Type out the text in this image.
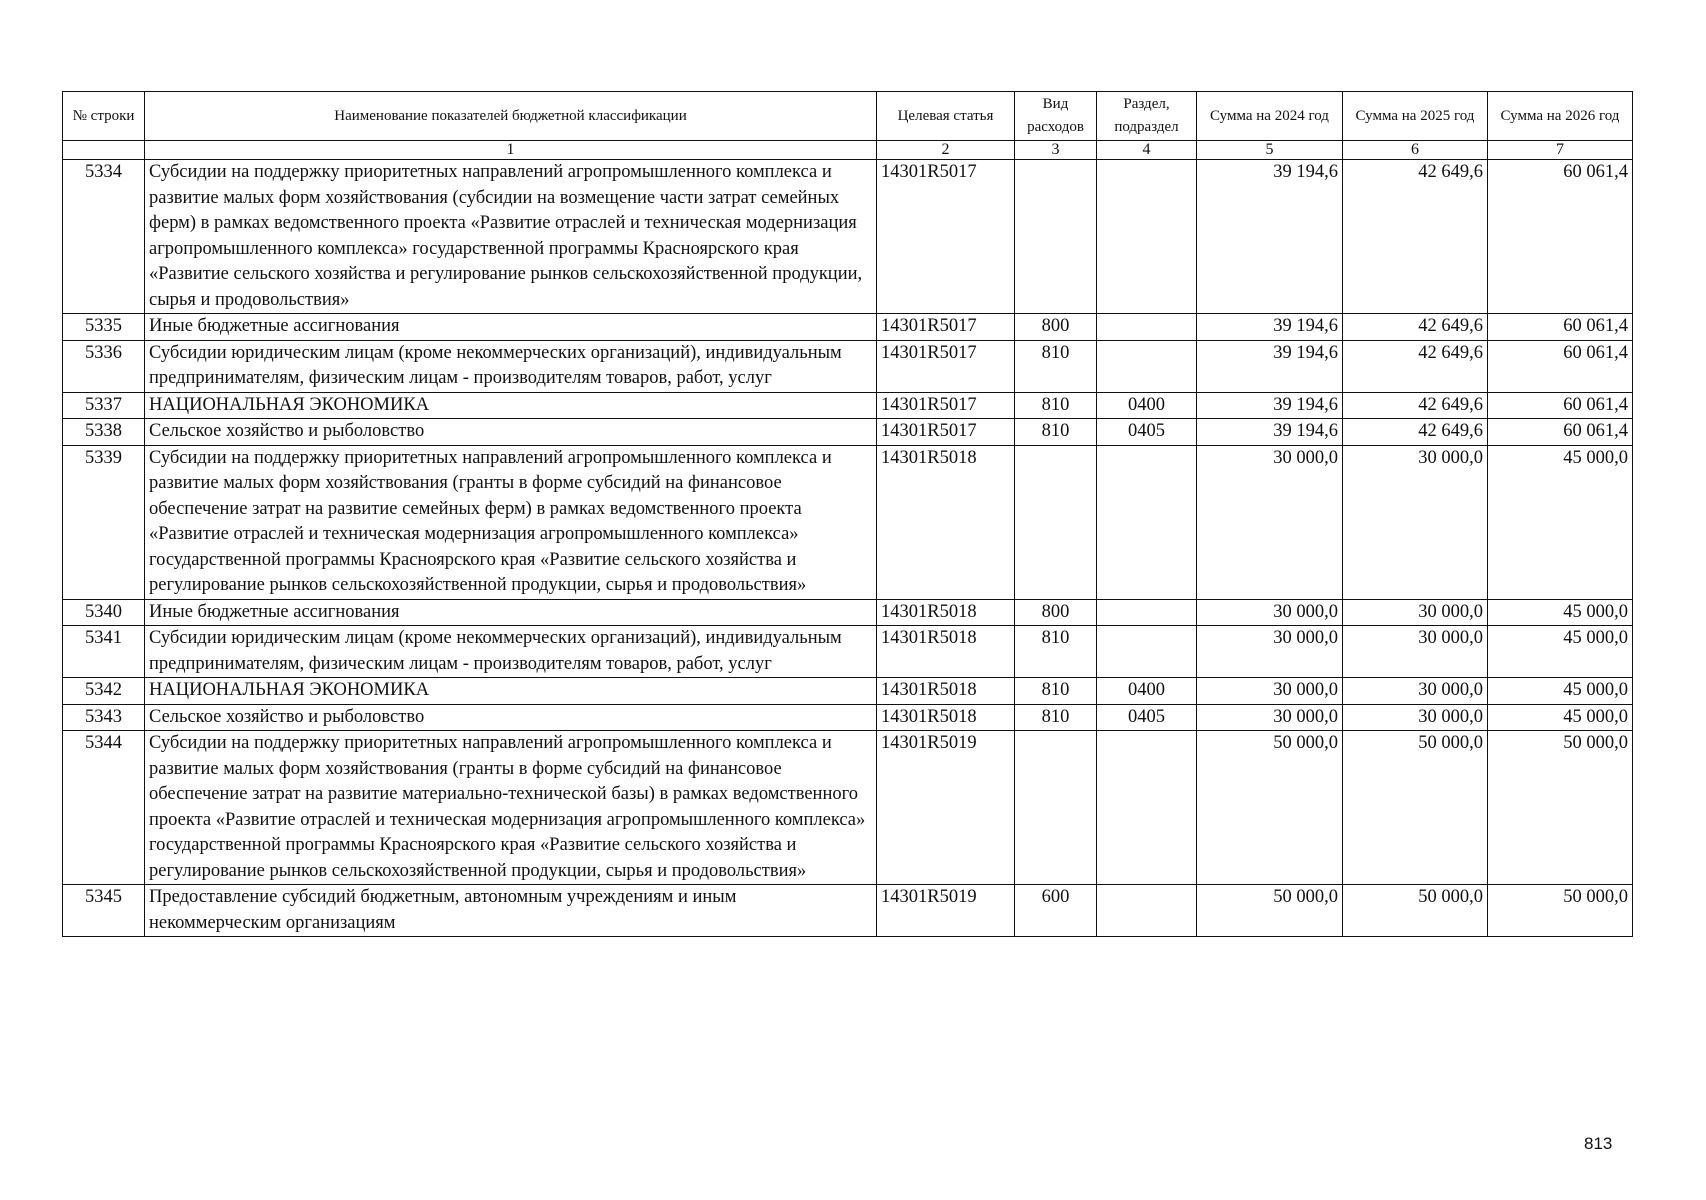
№ строки	Наименование показателей бюджетной классификации	Целевая статья	Вид расходов	Раздел, подраздел	Сумма на 2024 год	Сумма на 2025 год	Сумма на 2026 год
	1	2	3	4	5	6	7
5334	Субсидии на поддержку приоритетных направлений агропромышленного комплекса и развитие малых форм хозяйствования (субсидии на возмещение части затрат семейных ферм) в рамках ведомственного проекта «Развитие отраслей и техническая модернизация агропромышленного комплекса» государственной программы Красноярского края «Развитие сельского хозяйства и регулирование рынков сельскохозяйственной продукции, сырья и продовольствия»	14301R5017			39 194,6	42 649,6	60 061,4
5335	Иные бюджетные ассигнования	14301R5017	800		39 194,6	42 649,6	60 061,4
5336	Субсидии юридическим лицам (кроме некоммерческих организаций), индивидуальным предпринимателям, физическим лицам - производителям товаров, работ, услуг	14301R5017	810		39 194,6	42 649,6	60 061,4
5337	НАЦИОНАЛЬНАЯ ЭКОНОМИКА	14301R5017	810	0400	39 194,6	42 649,6	60 061,4
5338	Сельское хозяйство и рыболовство	14301R5017	810	0405	39 194,6	42 649,6	60 061,4
5339	Субсидии на поддержку приоритетных направлений агропромышленного комплекса и развитие малых форм хозяйствования (гранты в форме субсидий на финансовое обеспечение затрат на развитие семейных ферм) в рамках ведомственного проекта «Развитие отраслей и техническая модернизация агропромышленного комплекса» государственной программы Красноярского края «Развитие сельского хозяйства и регулирование рынков сельскохозяйственной продукции, сырья и продовольствия»	14301R5018			30 000,0	30 000,0	45 000,0
5340	Иные бюджетные ассигнования	14301R5018	800		30 000,0	30 000,0	45 000,0
5341	Субсидии юридическим лицам (кроме некоммерческих организаций), индивидуальным предпринимателям, физическим лицам - производителям товаров, работ, услуг	14301R5018	810		30 000,0	30 000,0	45 000,0
5342	НАЦИОНАЛЬНАЯ ЭКОНОМИКА	14301R5018	810	0400	30 000,0	30 000,0	45 000,0
5343	Сельское хозяйство и рыболовство	14301R5018	810	0405	30 000,0	30 000,0	45 000,0
5344	Субсидии на поддержку приоритетных направлений агропромышленного комплекса и развитие малых форм хозяйствования (гранты в форме субсидий на финансовое обеспечение затрат на развитие материально-технической базы) в рамках ведомственного проекта «Развитие отраслей и техническая модернизация агропромышленного комплекса» государственной программы Красноярского края «Развитие сельского хозяйства и регулирование рынков сельскохозяйственной продукции, сырья и продовольствия»	14301R5019			50 000,0	50 000,0	50 000,0
5345	Предоставление субсидий бюджетным, автономным учреждениям и иным некоммерческим организациям	14301R5019	600		50 000,0	50 000,0	50 000,0
813
